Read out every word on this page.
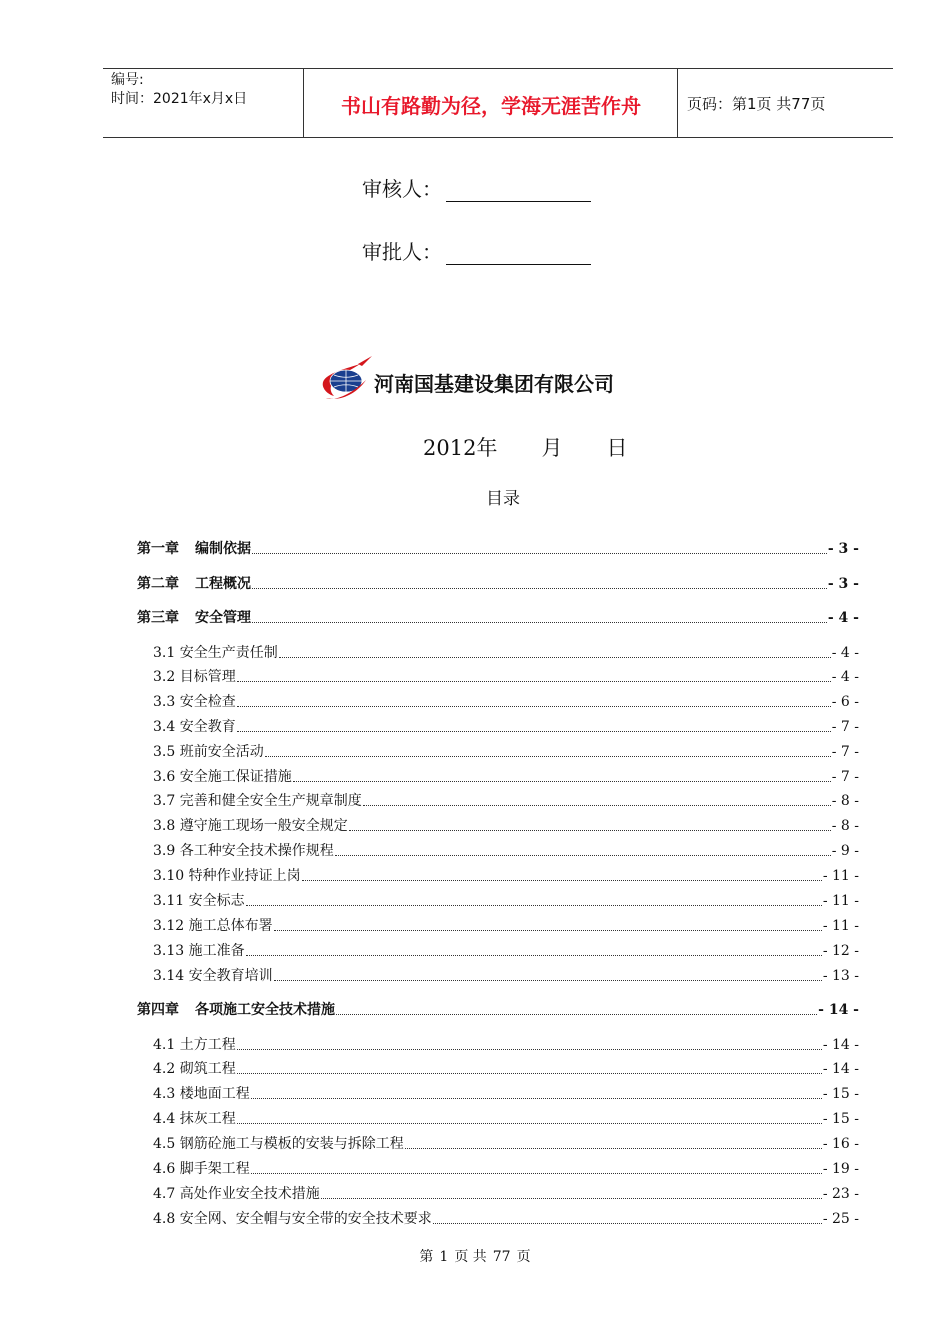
编号:
时间：2021年x月x日	书山有路勤为径，学海无涯苦作舟	页码：第1页 共77页
审核人：
审批人：
河南国基建设集团有限公司
2012年 月 日
目录
第一章 编制依据	- 3 -
第二章 工程概况	- 3 -
第三章 安全管理	- 4 -
3.1 安全生产责任制	- 4 -
3.2 目标管理	- 4 -
3.3 安全检查	- 6 -
3.4 安全教育	- 7 -
3.5 班前安全活动	- 7 -
3.6 安全施工保证措施	- 7 -
3.7 完善和健全安全生产规章制度	- 8 -
3.8 遵守施工现场一般安全规定	- 8 -
3.9 各工种安全技术操作规程	- 9 -
3.10 特种作业持证上岗	- 11 -
3.11 安全标志	- 11 -
3.12 施工总体布署	- 11 -
3.13 施工准备	- 12 -
3.14 安全教育培训	- 13 -
第四章 各项施工安全技术措施	- 14 -
4.1 土方工程	- 14 -
4.2 砌筑工程	- 14 -
4.3 楼地面工程	- 15 -
4.4 抹灰工程	- 15 -
4.5 钢筋砼施工与模板的安装与拆除工程	- 16 -
4.6 脚手架工程	- 19 -
4.7 高处作业安全技术措施	- 23 -
4.8 安全网、安全帽与安全带的安全技术要求	- 25 -
第 1 页 共 77 页
